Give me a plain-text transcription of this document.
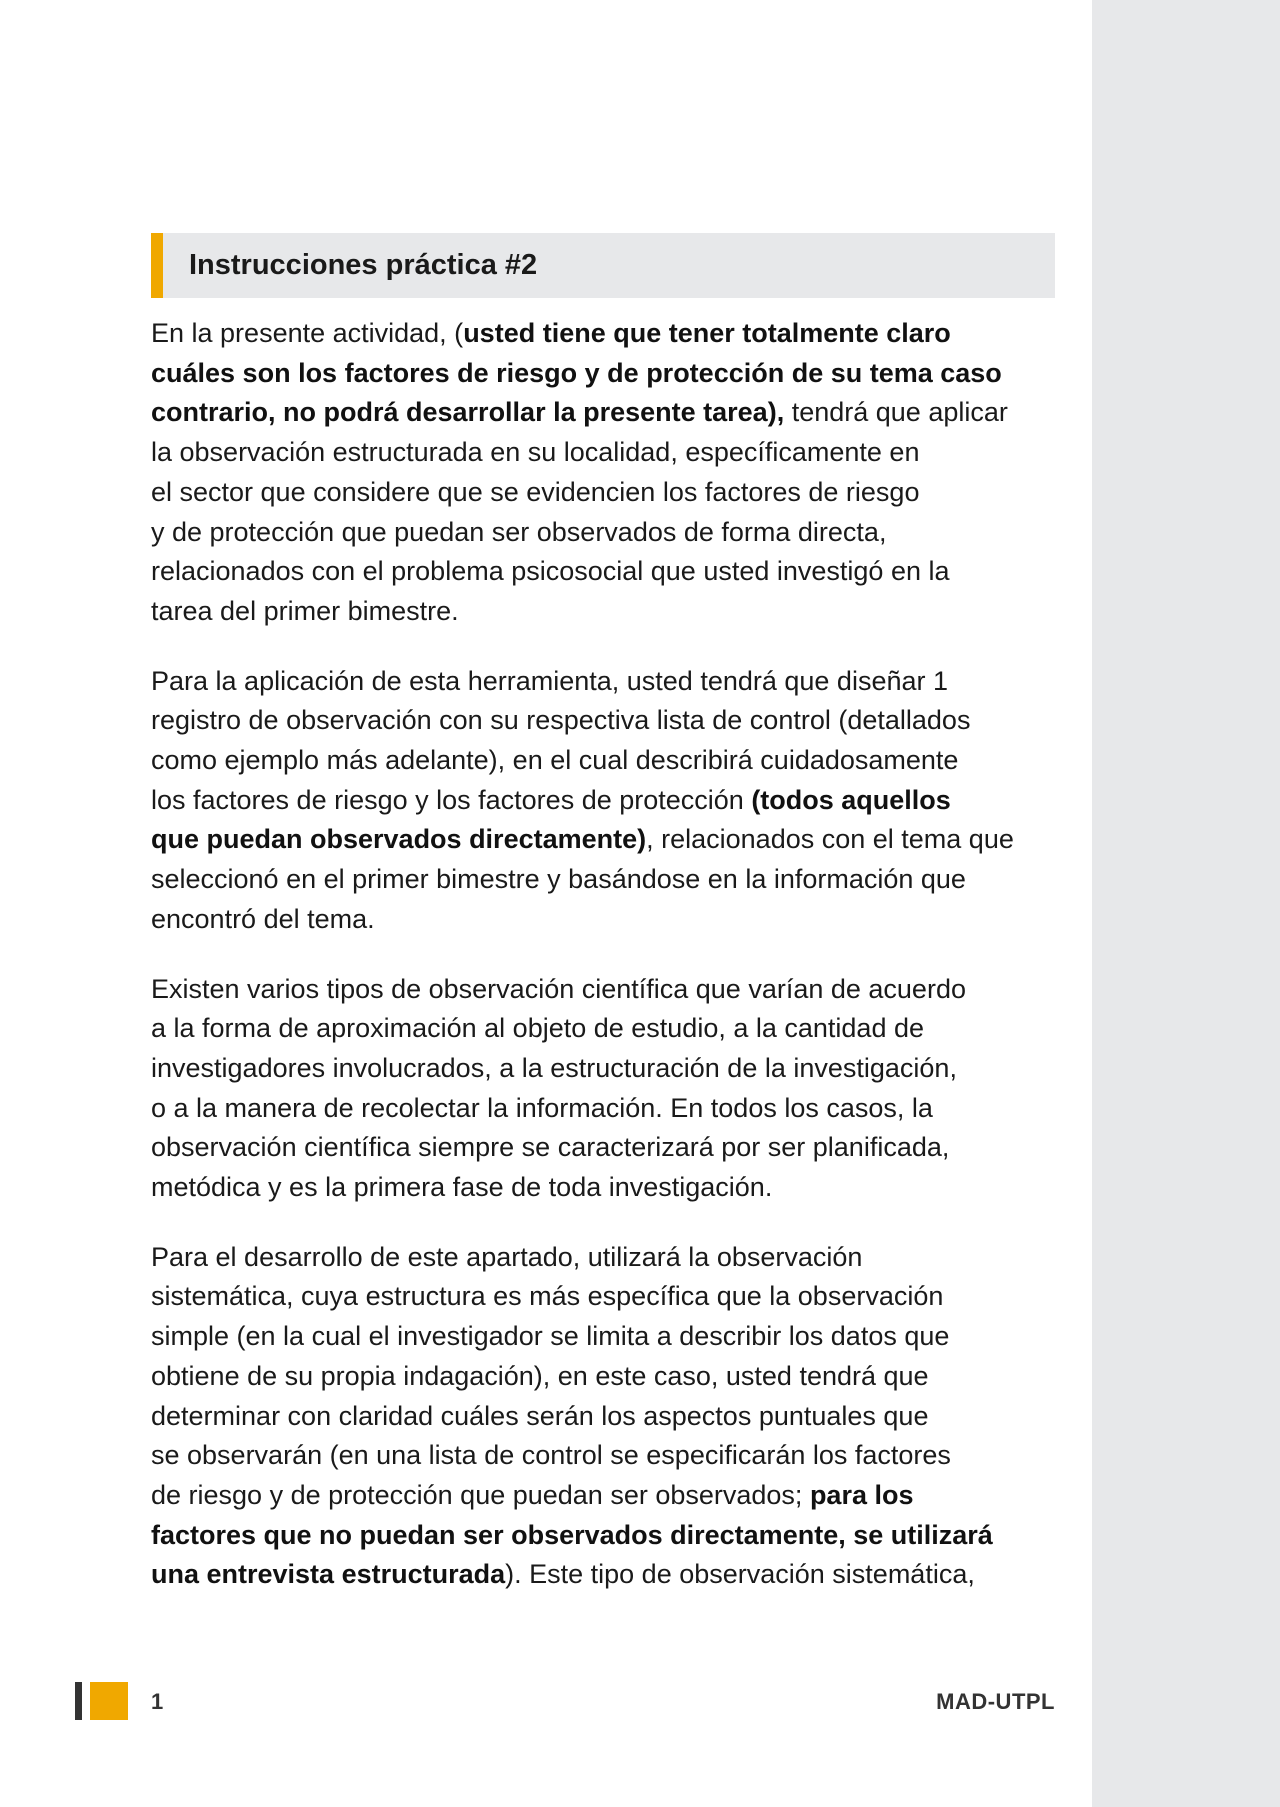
Instrucciones práctica #2

En la presente actividad, (usted tiene que tener totalmente claro
cuáles son los factores de riesgo y de protección de su tema caso
contrario, no podrá desarrollar la presente tarea), tendrá que aplicar
la observación estructurada en su localidad, específicamente en
el sector que considere que se evidencien los factores de riesgo
y de protección que puedan ser observados de forma directa,
relacionados con el problema psicosocial que usted investigó en la
tarea del primer bimestre.

Para la aplicación de esta herramienta, usted tendrá que diseñar 1
registro de observación con su respectiva lista de control (detallados
como ejemplo más adelante), en el cual describirá cuidadosamente
los factores de riesgo y los factores de protección (todos aquellos
que puedan observados directamente), relacionados con el tema que
seleccionó en el primer bimestre y basándose en la información que
encontró del tema.

Existen varios tipos de observación científica que varían de acuerdo
a la forma de aproximación al objeto de estudio, a la cantidad de
investigadores involucrados, a la estructuración de la investigación,
o a la manera de recolectar la información. En todos los casos, la
observación científica siempre se caracterizará por ser planificada,
metódica y es la primera fase de toda investigación.

Para el desarrollo de este apartado, utilizará la observación
sistemática, cuya estructura es más específica que la observación
simple (en la cual el investigador se limita a describir los datos que
obtiene de su propia indagación), en este caso, usted tendrá que
determinar con claridad cuáles serán los aspectos puntuales que
se observarán (en una lista de control se especificarán los factores
de riesgo y de protección que puedan ser observados; para los
factores que no puedan ser observados directamente, se utilizará
una entrevista estructurada). Este tipo de observación sistemática,

1	MAD-UTPL
